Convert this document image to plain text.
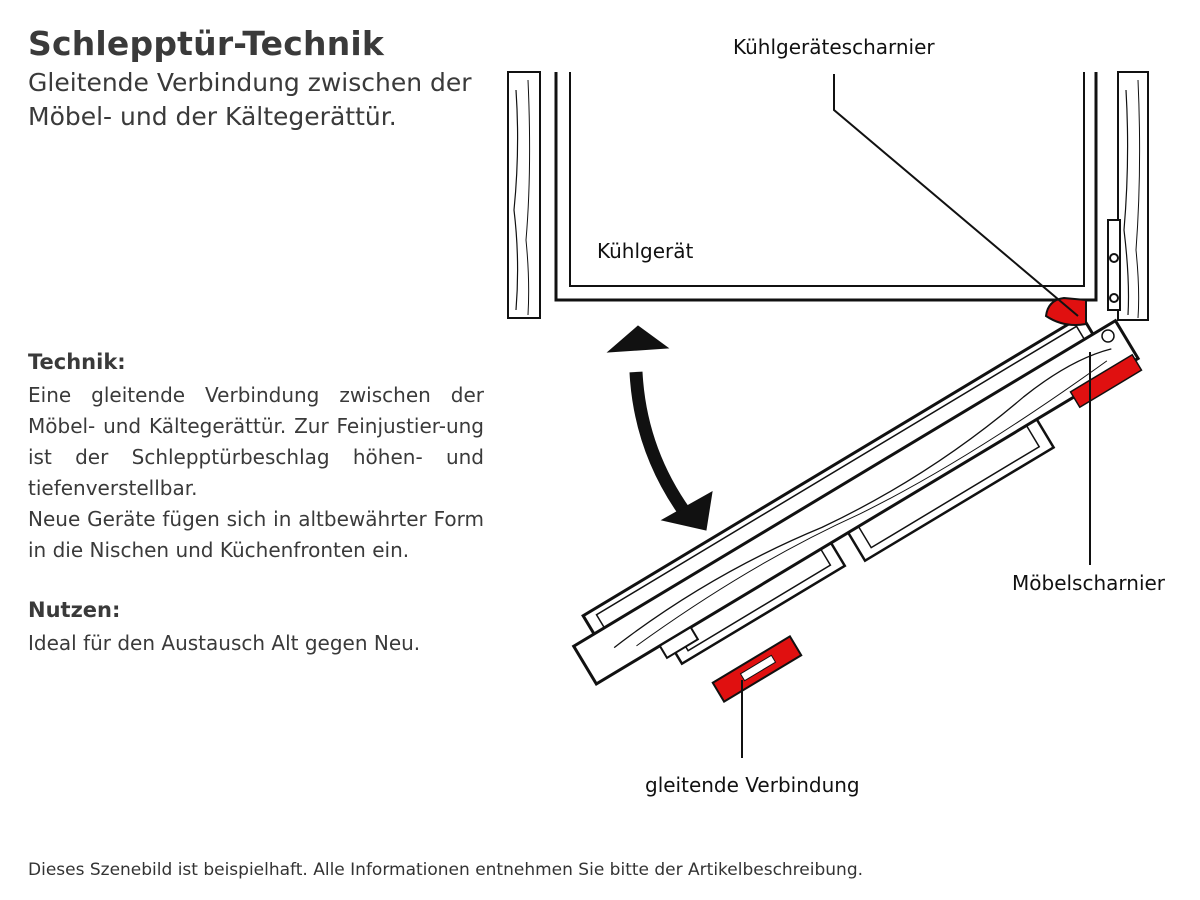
Schlepptür-Technik
Gleitende Verbindung zwischen der Möbel- und der Kältegerättür.
Technik:
Eine gleitende Verbindung zwischen der Möbel- und Kältegerättür. Zur Feinjustier-ung ist der Schlepptürbeschlag höhen- und tiefenverstellbar.
Neue Geräte fügen sich in altbewährter Form in die Nischen und Küchenfronten ein.
Nutzen:
Ideal für den Austausch Alt gegen Neu.
Kühlgerätescharnier
Kühlgerät
Möbelscharnier
gleitende Verbindung
Dieses Szenebild ist beispielhaft. Alle Informationen entnehmen Sie bitte der Artikelbeschreibung.
